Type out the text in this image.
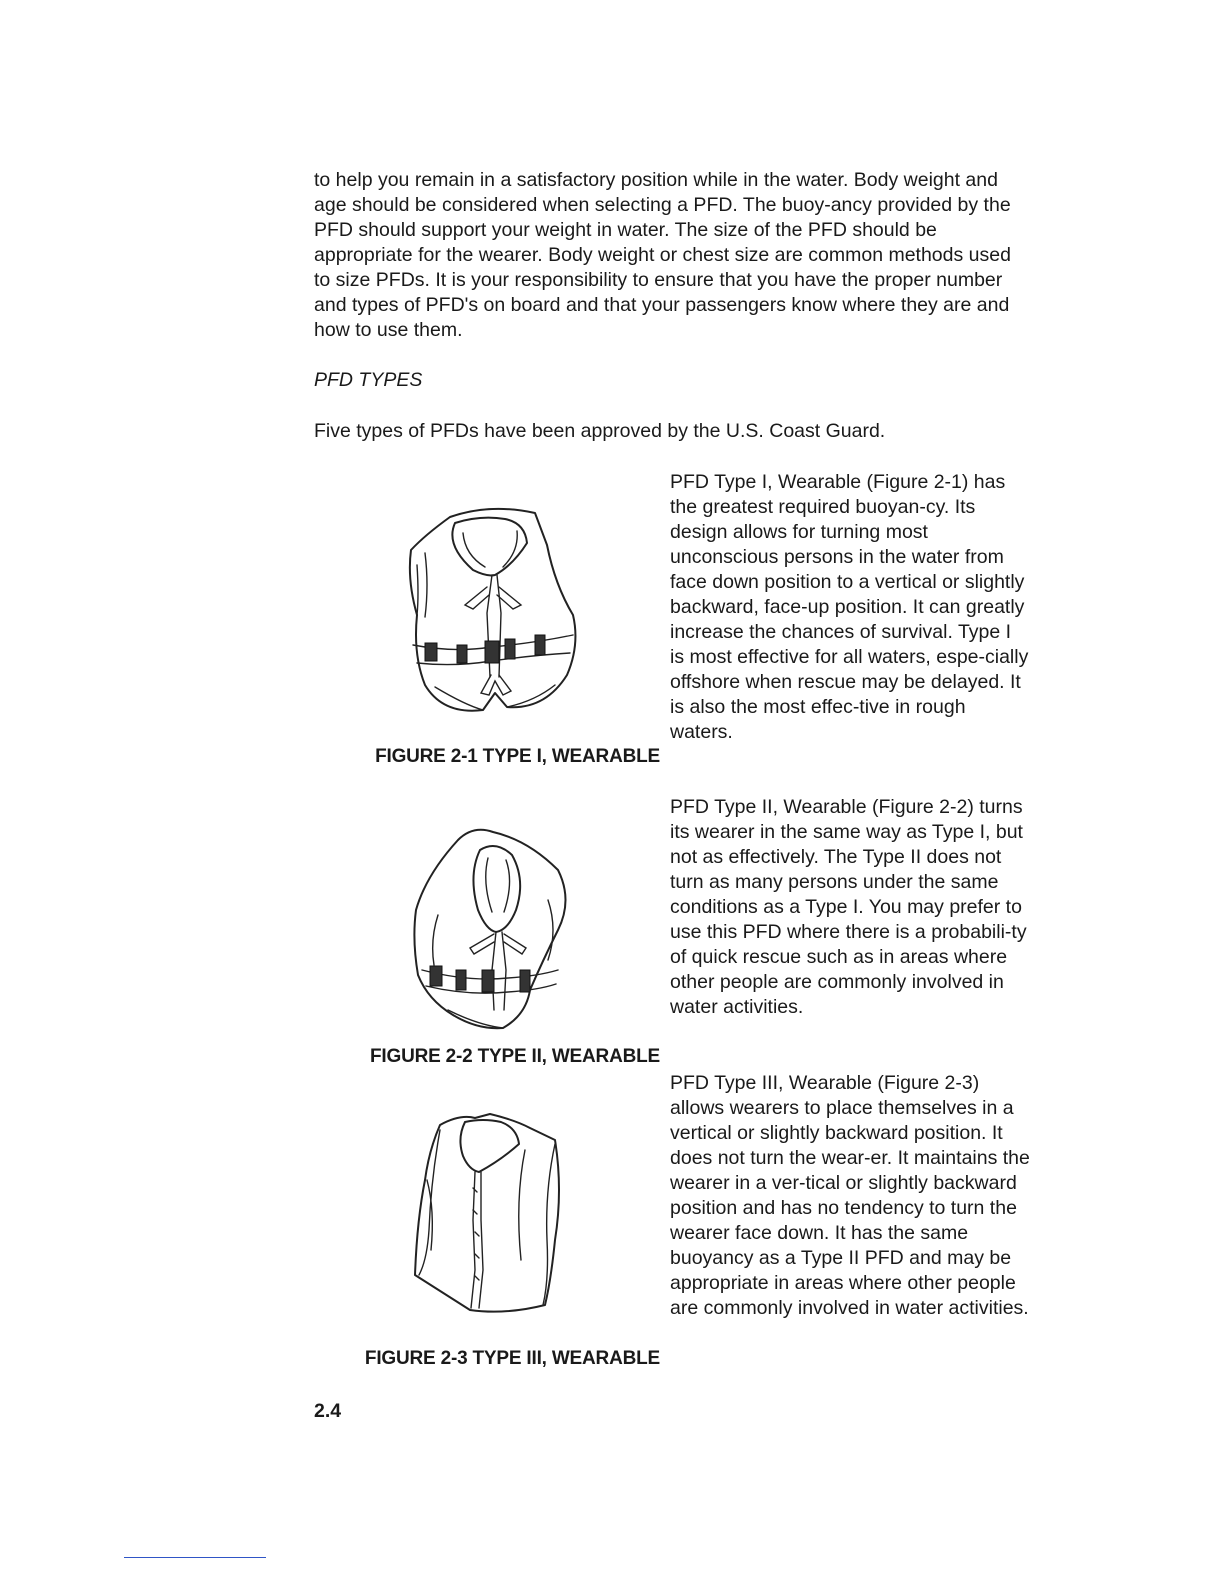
to help you remain in a satisfactory position while in the water. Body weight and age should be considered when selecting a PFD. The buoy-ancy provided by the PFD should support your weight in water. The size of the PFD should be appropriate for the wearer. Body weight or chest size are common methods used to size PFDs. It is your responsibility to ensure that you have the proper number and types of PFD's on board and that your passengers know where they are and how to use them.

PFD TYPES

Five types of PFDs have been approved by the U.S. Coast Guard.

FIGURE 2-1 TYPE I, WEARABLE

PFD Type I, Wearable (Figure 2-1) has the greatest required buoyan-cy. Its design allows for turning most unconscious persons in the water from face down position to a vertical or slightly backward, face-up position. It can greatly increase the chances of survival. Type I is most effective for all waters, espe-cially offshore when rescue may be delayed. It is also the most effec-tive in rough waters.

FIGURE 2-2 TYPE II, WEARABLE

PFD Type II, Wearable (Figure 2-2) turns its wearer in the same way as Type I, but not as effectively. The Type II does not turn as many persons under the same conditions as a Type I. You may prefer to use this PFD where there is a probabili-ty of quick rescue such as in areas where other people are commonly involved in water activities.

FIGURE 2-3 TYPE III, WEARABLE

PFD Type III, Wearable (Figure 2-3) allows wearers to place themselves in a vertical or slightly backward position. It does not turn the wear-er. It maintains the wearer in a ver-tical or slightly backward position and has no tendency to turn the wearer face down. It has the same buoyancy as a Type II PFD and may be appropriate in areas where other people are commonly involved in water activities.

2.4
